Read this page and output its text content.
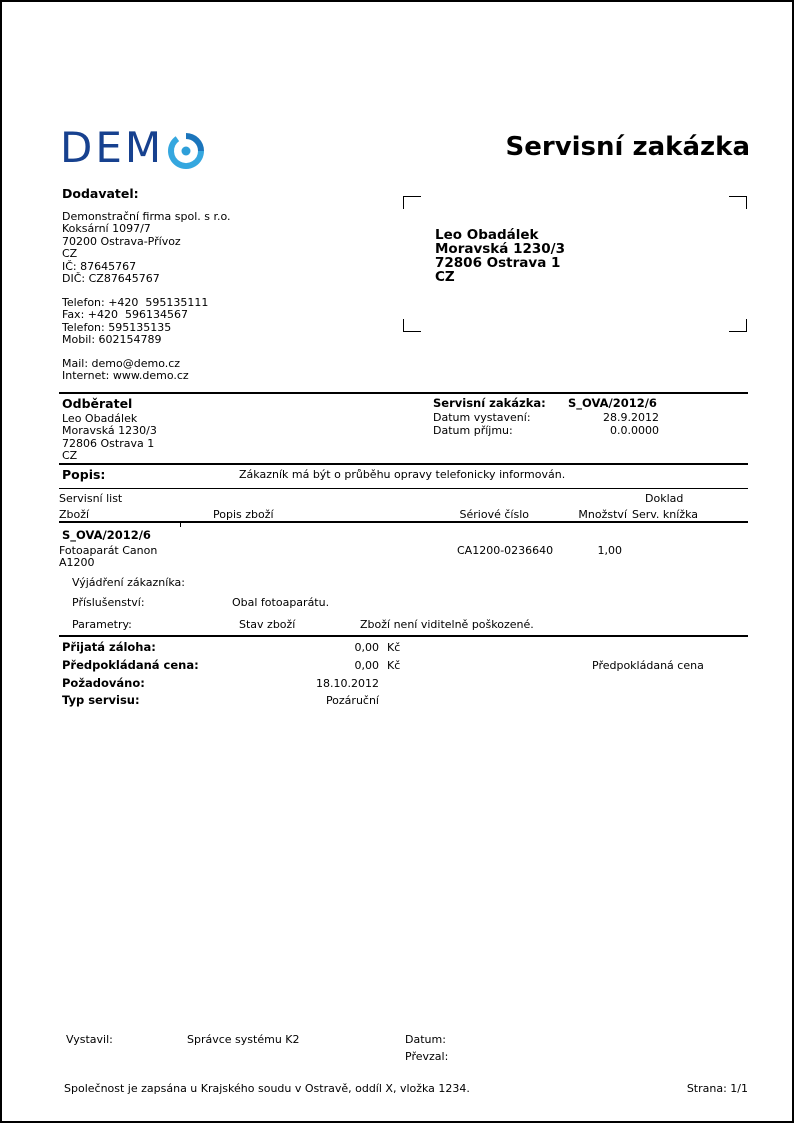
DEM	Servisní zakázka
Dodavatel:
Demonstrační firma spol. s r.o.
Koksární 1097/7
70200 Ostrava-Přívoz
CZ
IČ: 87645767
DIČ: CZ87645767
Telefon: +420  595135111
Fax: +420  596134567
Telefon: 595135135
Mobil: 602154789
Mail: demo@demo.cz
Internet: www.demo.cz
Leo Obadálek
Moravská 1230/3
72806 Ostrava 1
CZ
Odběratel
Leo Obadálek
Moravská 1230/3
72806 Ostrava 1
CZ
Servisní zakázka: S_OVA/2012/6
Datum vystavení:	28.9.2012
Datum příjmu:	0.0.0000
Popis:	Zákazník má být o průběhu opravy telefonicky informován.
Servisní list	Doklad
Zboží	Popis zboží	Sériové číslo	Množství Serv. knížka
S_OVA/2012/6
Fotoaparát Canon
A1200
CA1200-0236640	1,00
Výjádření zákazníka:
Příslušenství:	Obal fotoaparátu.
Parametry:	Stav zboží	Zboží není viditelně poškozené.
Přijatá záloha:	0,00 Kč
Předpokládaná cena:	0,00 Kč	Předpokládaná cena
Požadováno:	18.10.2012
Typ servisu:	Pozáruční
Vystavil:	Správce systému K2	Datum:
Převzal:
Společnost je zapsána u Krajského soudu v Ostravě, oddíl X, vložka 1234.	Strana: 1/1
